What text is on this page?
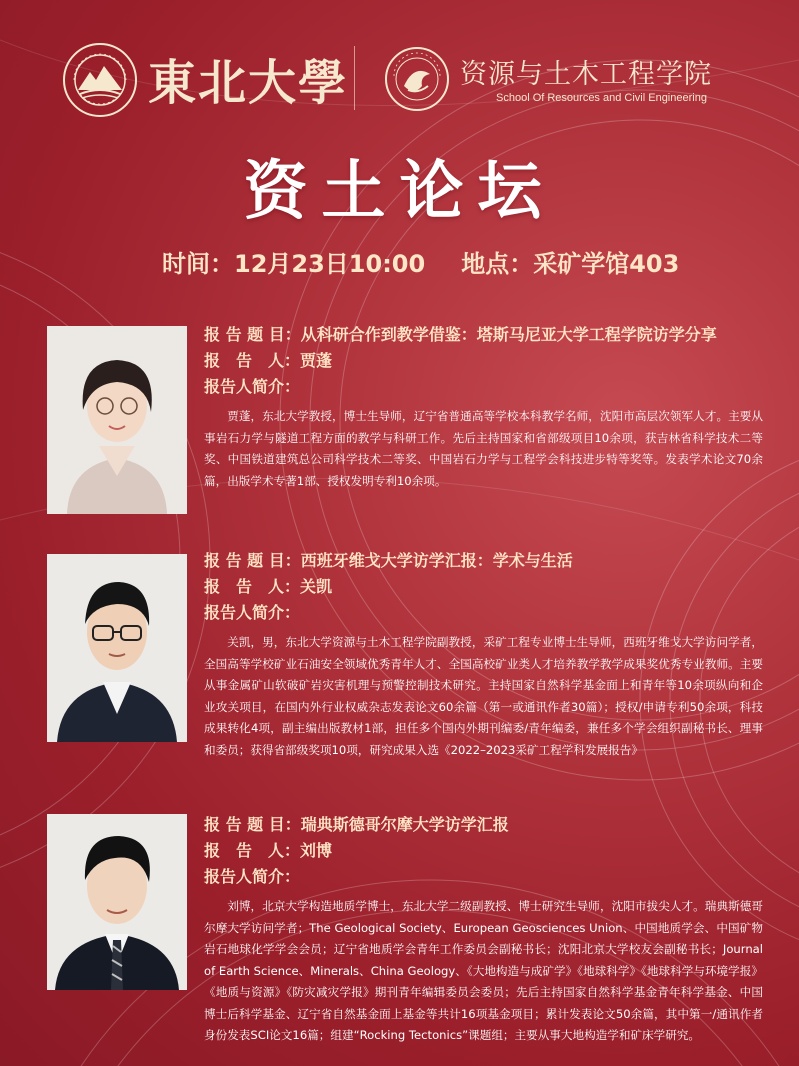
東北大學	资源与土木工程学院
School Of Resources and Civil Engineering
资土论坛
时间：12月23日10:00 地点：采矿学馆403
报 告 题 目：从科研合作到教学借鉴：塔斯马尼亚大学工程学院访学分享
报　告　人：贾蓬
报告人简介：
贾蓬，东北大学教授，博士生导师，辽宁省普通高等学校本科教学名师，沈阳市高层次领军人才。主要从事岩石力学与隧道工程方面的教学与科研工作。先后主持国家和省部级项目10余项，获吉林省科学技术二等奖、中国铁道建筑总公司科学技术二等奖、中国岩石力学与工程学会科技进步特等奖等。发表学术论文70余篇，出版学术专著1部、授权发明专利10余项。
报 告 题 目：西班牙维戈大学访学汇报：学术与生活
报　告　人：关凯
报告人简介：
关凯，男，东北大学资源与土木工程学院副教授，采矿工程专业博士生导师，西班牙维戈大学访问学者，全国高等学校矿业石油安全领域优秀青年人才、全国高校矿业类人才培养教学教学成果奖优秀专业教师。主要从事金属矿山软破矿岩灾害机理与预警控制技术研究。主持国家自然科学基金面上和青年等10余项纵向和企业攻关项目，在国内外行业权威杂志发表论文60余篇（第一或通讯作者30篇）；授权/申请专利50余项，科技成果转化4项，副主编出版教材1部，担任多个国内外期刊编委/青年编委，兼任多个学会组织副秘书长、理事和委员；获得省部级奖项10项，研究成果入选《2022–2023采矿工程学科发展报告》
报 告 题 目：瑞典斯德哥尔摩大学访学汇报
报　告　人：刘博
报告人简介：
刘博，北京大学构造地质学博士，东北大学二级副教授、博士研究生导师，沈阳市拔尖人才。瑞典斯德哥尔摩大学访问学者；The Geological Society、European Geosciences Union、中国地质学会、中国矿物岩石地球化学学会会员；辽宁省地质学会青年工作委员会副秘书长；沈阳北京大学校友会副秘书长；Journal of Earth Science、Minerals、China Geology、《大地构造与成矿学》《地球科学》《地球科学与环境学报》《地质与资源》《防灾减灾学报》期刊青年编辑委员会委员；先后主持国家自然科学基金青年科学基金、中国博士后科学基金、辽宁省自然基金面上基金等共计16项基金项目；累计发表论文50余篇，其中第一/通讯作者身份发表SCI论文16篇；组建“Rocking Tectonics”课题组；主要从事大地构造学和矿床学研究。
